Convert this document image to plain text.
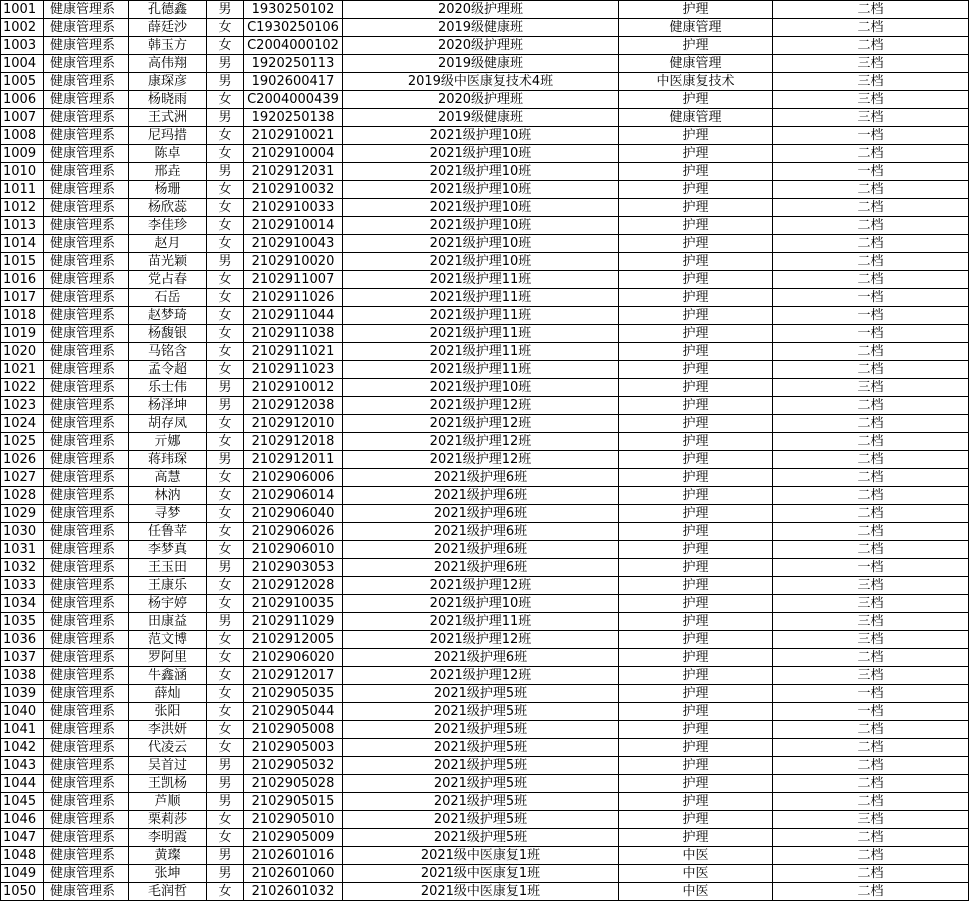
1001	健康管理系	孔德鑫	男	1930250102	2020级护理班	护理	二档
1002	健康管理系	薛廷沙	女	C1930250106	2019级健康班	健康管理	二档
1003	健康管理系	韩玉方	女	C2004000102	2020级护理班	护理	二档
1004	健康管理系	高伟翔	男	1920250113	2019级健康班	健康管理	三档
1005	健康管理系	康琛彦	男	1902600417	2019级中医康复技术4班	中医康复技术	三档
1006	健康管理系	杨晓雨	女	C2004000439	2020级护理班	护理	三档
1007	健康管理系	王式洲	男	1920250138	2019级健康班	健康管理	三档
1008	健康管理系	尼玛措	女	2102910021	2021级护理10班	护理	一档
1009	健康管理系	陈卓	女	2102910004	2021级护理10班	护理	二档
1010	健康管理系	邢垚	男	2102912031	2021级护理10班	护理	一档
1011	健康管理系	杨珊	女	2102910032	2021级护理10班	护理	二档
1012	健康管理系	杨欣蕊	女	2102910033	2021级护理10班	护理	二档
1013	健康管理系	李佳珍	女	2102910014	2021级护理10班	护理	二档
1014	健康管理系	赵月	女	2102910043	2021级护理10班	护理	二档
1015	健康管理系	苗光颖	男	2102910020	2021级护理10班	护理	二档
1016	健康管理系	党占春	女	2102911007	2021级护理11班	护理	二档
1017	健康管理系	石岳	女	2102911026	2021级护理11班	护理	一档
1018	健康管理系	赵梦琦	女	2102911044	2021级护理11班	护理	一档
1019	健康管理系	杨馥银	女	2102911038	2021级护理11班	护理	一档
1020	健康管理系	马铭含	女	2102911021	2021级护理11班	护理	二档
1021	健康管理系	孟令超	女	2102911023	2021级护理11班	护理	二档
1022	健康管理系	乐士伟	男	2102910012	2021级护理10班	护理	三档
1023	健康管理系	杨泽坤	男	2102912038	2021级护理12班	护理	二档
1024	健康管理系	胡存凤	女	2102912010	2021级护理12班	护理	二档
1025	健康管理系	亓娜	女	2102912018	2021级护理12班	护理	二档
1026	健康管理系	蒋玮琛	男	2102912011	2021级护理12班	护理	二档
1027	健康管理系	高慧	女	2102906006	2021级护理6班	护理	二档
1028	健康管理系	林汭	女	2102906014	2021级护理6班	护理	二档
1029	健康管理系	寻梦	女	2102906040	2021级护理6班	护理	二档
1030	健康管理系	任鲁苹	女	2102906026	2021级护理6班	护理	二档
1031	健康管理系	李梦真	女	2102906010	2021级护理6班	护理	二档
1032	健康管理系	王玉田	男	2102903053	2021级护理6班	护理	一档
1033	健康管理系	王康乐	女	2102912028	2021级护理12班	护理	三档
1034	健康管理系	杨宇婷	女	2102910035	2021级护理10班	护理	三档
1035	健康管理系	田康益	男	2102911029	2021级护理11班	护理	三档
1036	健康管理系	范文博	女	2102912005	2021级护理12班	护理	三档
1037	健康管理系	罗阿里	女	2102906020	2021级护理6班	护理	二档
1038	健康管理系	牛鑫涵	女	2102912017	2021级护理12班	护理	三档
1039	健康管理系	薛灿	女	2102905035	2021级护理5班	护理	一档
1040	健康管理系	张阳	女	2102905044	2021级护理5班	护理	一档
1041	健康管理系	李洪妍	女	2102905008	2021级护理5班	护理	二档
1042	健康管理系	代凌云	女	2102905003	2021级护理5班	护理	二档
1043	健康管理系	吴首过	男	2102905032	2021级护理5班	护理	二档
1044	健康管理系	王凯杨	男	2102905028	2021级护理5班	护理	二档
1045	健康管理系	芦顺	男	2102905015	2021级护理5班	护理	二档
1046	健康管理系	栗莉莎	女	2102905010	2021级护理5班	护理	三档
1047	健康管理系	李明霞	女	2102905009	2021级护理5班	护理	二档
1048	健康管理系	黄璨	男	2102601016	2021级中医康复1班	中医	二档
1049	健康管理系	张坤	男	2102601060	2021级中医康复1班	中医	二档
1050	健康管理系	毛润哲	女	2102601032	2021级中医康复1班	中医	二档
